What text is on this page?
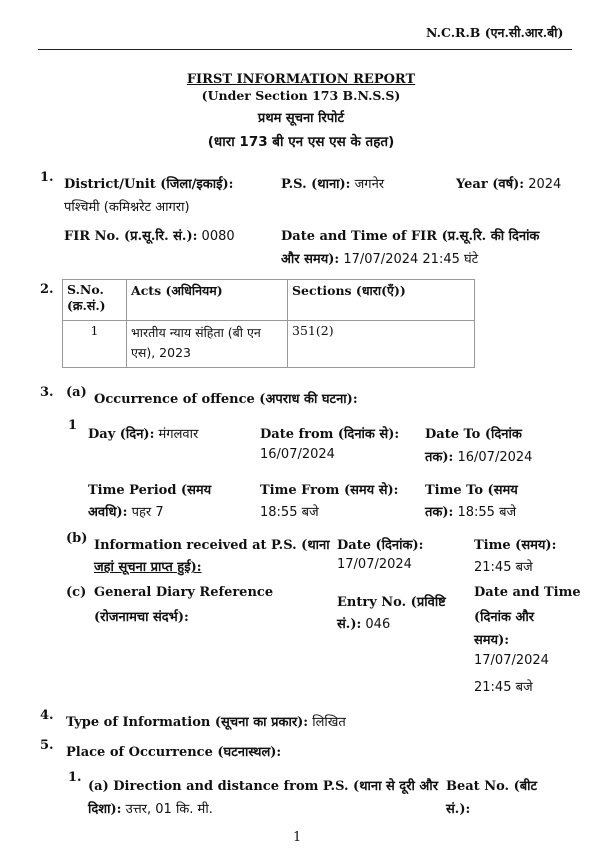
N.C.R.B (एन.सी.आर.बी)
FIRST INFORMATION REPORT
(Under Section 173 B.N.S.S)
प्रथम सूचना रिपोर्ट
(धारा 173 बी एन एस एस के तहत)
1. District/Unit (जिला/इकाई):
पश्चिमी (कमिश्नरेट आगरा)
P.S. (थाना): जगनेर	Year (वर्ष): 2024
FIR No. (प्र.सू.रि. सं.): 0080	Date and Time of FIR (प्र.सू.रि. की दिनांक
और समय): 17/07/2024 21:45 घंटे
2. S.No. (क्र.सं.)	Acts (अधिनियम)	Sections (धारा(एँ))
1	भारतीय न्याय संहिता (बी एन एस), 2023	351(2)
3. (a) Occurrence of offence (अपराध की घटना):
1
Day (दिन): मंगलवार	Date from (दिनांक से):
16/07/2024
Date To (दिनांक
तक): 16/07/2024
Time Period (समय
अवधि): पहर 7
Time From (समय से):
18:55 बजे
Time To (समय
तक): 18:55 बजे
(b) Information received at P.S. (थाना
जहां सूचना प्राप्त हुई):
Date (दिनांक):
17/07/2024
Time (समय):
21:45 बजे
(c) General Diary Reference
(रोजनामचा संदर्भ):
Entry No. (प्रविष्टि
सं.): 046
Date and Time
(दिनांक और
समय):
17/07/2024
21:45 बजे
4. Type of Information (सूचना का प्रकार): लिखित
5. Place of Occurrence (घटनास्थल):
1.
(a) Direction and distance from P.S. (थाना से दूरी और
दिशा): उत्तर, 01 कि. मी.
Beat No. (बीट
सं.):
1
